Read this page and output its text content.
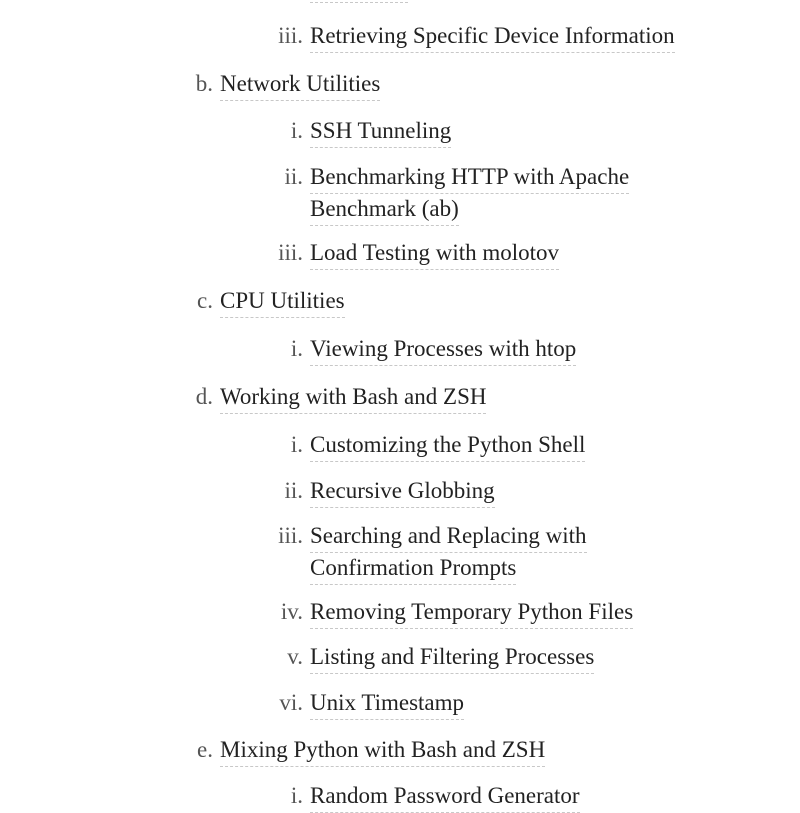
iii. Retrieving Specific Device Information
b. Network Utilities
i. SSH Tunneling
ii. Benchmarking HTTP with Apache
Benchmark (ab)
iii. Load Testing with molotov
c. CPU Utilities
i. Viewing Processes with htop
d. Working with Bash and ZSH
i. Customizing the Python Shell
ii. Recursive Globbing
iii. Searching and Replacing with
Confirmation Prompts
iv. Removing Temporary Python Files
v. Listing and Filtering Processes
vi. Unix Timestamp
e. Mixing Python with Bash and ZSH
i. Random Password Generator
